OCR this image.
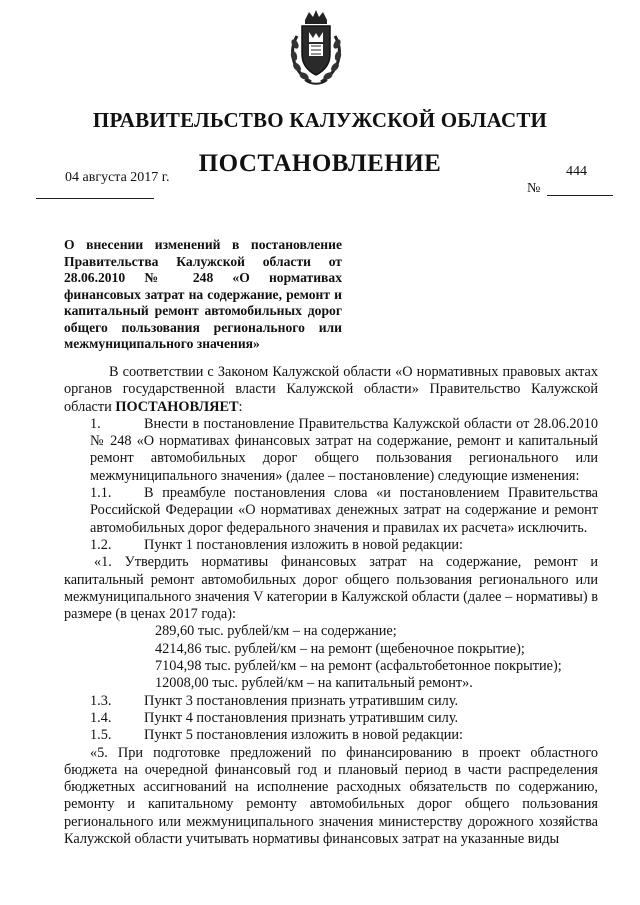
ПРАВИТЕЛЬСТВО КАЛУЖСКОЙ ОБЛАСТИ
ПОСТАНОВЛЕНИЕ
04 августа 2017 г.	444
№
О внесении изменений в постановление Правительства Калужской области от 28.06.2010 № 248 «О нормативах финансовых затрат на содержание, ремонт и капитальный ремонт автомобильных дорог общего пользования регионального или межмуниципального значения»

В соответствии с Законом Калужской области «О нормативных правовых актах органов государственной власти Калужской области» Правительство Калужской области ПОСТАНОВЛЯЕТ:

1.	Внести в постановление Правительства Калужской области от 28.06.2010 № 248 «О нормативах финансовых затрат на содержание, ремонт и капитальный ремонт автомобильных дорог общего пользования регионального или межмуниципального значения» (далее – постановление) следующие изменения:

1.1. В преамбуле постановления слова «и постановлением Правительства Российской Федерации «О нормативах денежных затрат на содержание и ремонт автомобильных дорог федерального значения и правилах их расчета» исключить.

1.2. Пункт 1 постановления изложить в новой редакции:

«1. Утвердить нормативы финансовых затрат на содержание, ремонт и капитальный ремонт автомобильных дорог общего пользования регионального или межмуниципального значения V категории в Калужской области (далее – нормативы) в размере (в ценах 2017 года):

289,60 тыс. рублей/км – на содержание;

4214,86 тыс. рублей/км – на ремонт (щебеночное покрытие);

7104,98 тыс. рублей/км – на ремонт (асфальтобетонное покрытие);

12008,00 тыс. рублей/км – на капитальный ремонт».

1.3. Пункт 3 постановления признать утратившим силу.

1.4. Пункт 4 постановления признать утратившим силу.

1.5. Пункт 5 постановления изложить в новой редакции:

«5. При подготовке предложений по финансированию в проект областного бюджета на очередной финансовый год и плановый период в части распределения бюджетных ассигнований на исполнение расходных обязательств по содержанию, ремонту и капитальному ремонту автомобильных дорог общего пользования регионального или межмуниципального значения министерству дорожного хозяйства Калужской области учитывать нормативы финансовых затрат на указанные виды
